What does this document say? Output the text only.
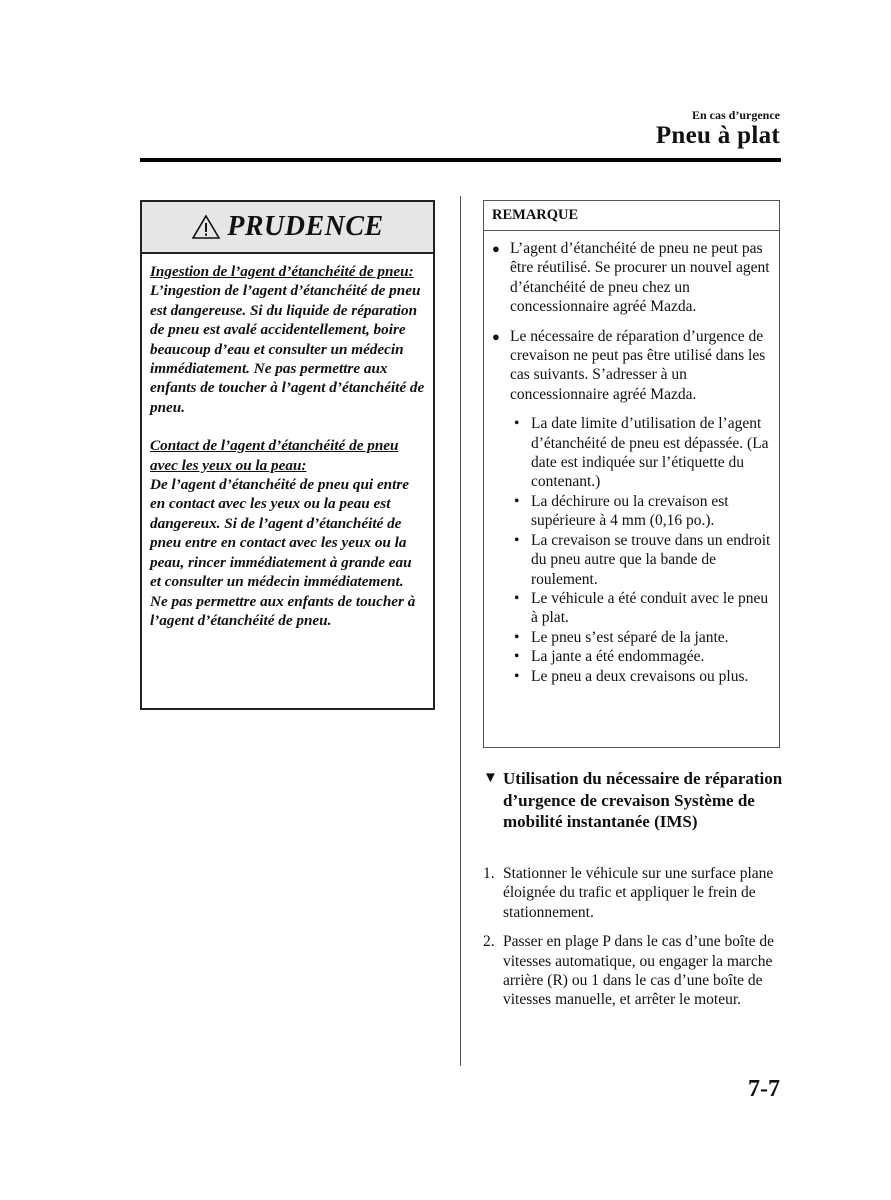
En cas d’urgence
Pneu à plat
PRUDENCE

Ingestion de l’agent d’étanchéité de pneu:
L’ingestion de l’agent d’étanchéité de pneu est dangereuse. Si du liquide de réparation de pneu est avalé accidentellement, boire beaucoup d’eau et consulter un médecin immédiatement. Ne pas permettre aux enfants de toucher à l’agent d’étanchéité de pneu.

Contact de l’agent d’étanchéité de pneu avec les yeux ou la peau:
De l’agent d’étanchéité de pneu qui entre en contact avec les yeux ou la peau est dangereux. Si de l’agent d’étanchéité de pneu entre en contact avec les yeux ou la peau, rincer immédiatement à grande eau et consulter un médecin immédiatement. Ne pas permettre aux enfants de toucher à l’agent d’étanchéité de pneu.

REMARQUE
● L’agent d’étanchéité de pneu ne peut pas être réutilisé. Se procurer un nouvel agent d’étanchéité de pneu chez un concessionnaire agréé Mazda.
● Le nécessaire de réparation d’urgence de crevaison ne peut pas être utilisé dans les cas suivants. S’adresser à un concessionnaire agréé Mazda.
• La date limite d’utilisation de l’agent d’étanchéité de pneu est dépassée. (La date est indiquée sur l’étiquette du contenant.)
• La déchirure ou la crevaison est supérieure à 4 mm (0,16 po.).
• La crevaison se trouve dans un endroit du pneu autre que la bande de roulement.
• Le véhicule a été conduit avec le pneu à plat.
• Le pneu s’est séparé de la jante.
• La jante a été endommagée.
• Le pneu a deux crevaisons ou plus.
▼ Utilisation du nécessaire de réparation d’urgence de crevaison Système de mobilité instantanée (IMS)
1. Stationner le véhicule sur une surface plane éloignée du trafic et appliquer le frein de stationnement.
2. Passer en plage P dans le cas d’une boîte de vitesses automatique, ou engager la marche arrière (R) ou 1 dans le cas d’une boîte de vitesses manuelle, et arrêter le moteur.
7-7
